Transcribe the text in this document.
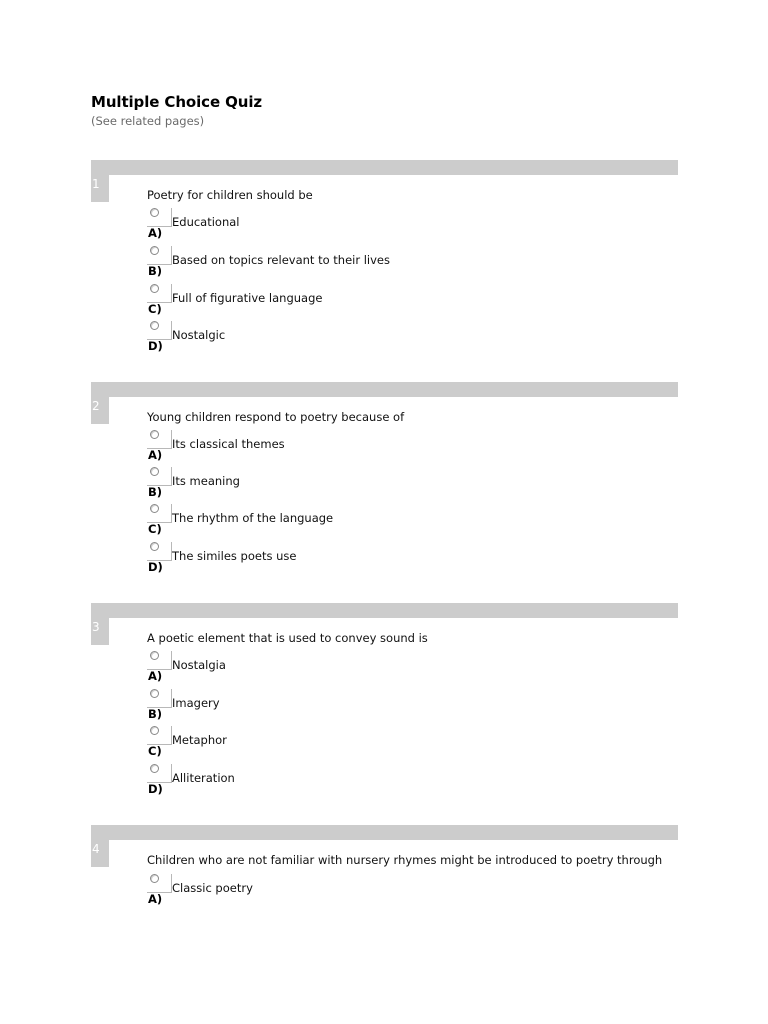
Multiple Choice Quiz
(See related pages)
1
Poetry for children should be
A)
Educational
B)
Based on topics relevant to their lives
C)
Full of figurative language
D)
Nostalgic
2
Young children respond to poetry because of
A)
Its classical themes
B)
Its meaning
C)
The rhythm of the language
D)
The similes poets use
3
A poetic element that is used to convey sound is
A)
Nostalgia
B)
Imagery
C)
Metaphor
D)
Alliteration
4
Children who are not familiar with nursery rhymes might be introduced to poetry through
A)
Classic poetry
